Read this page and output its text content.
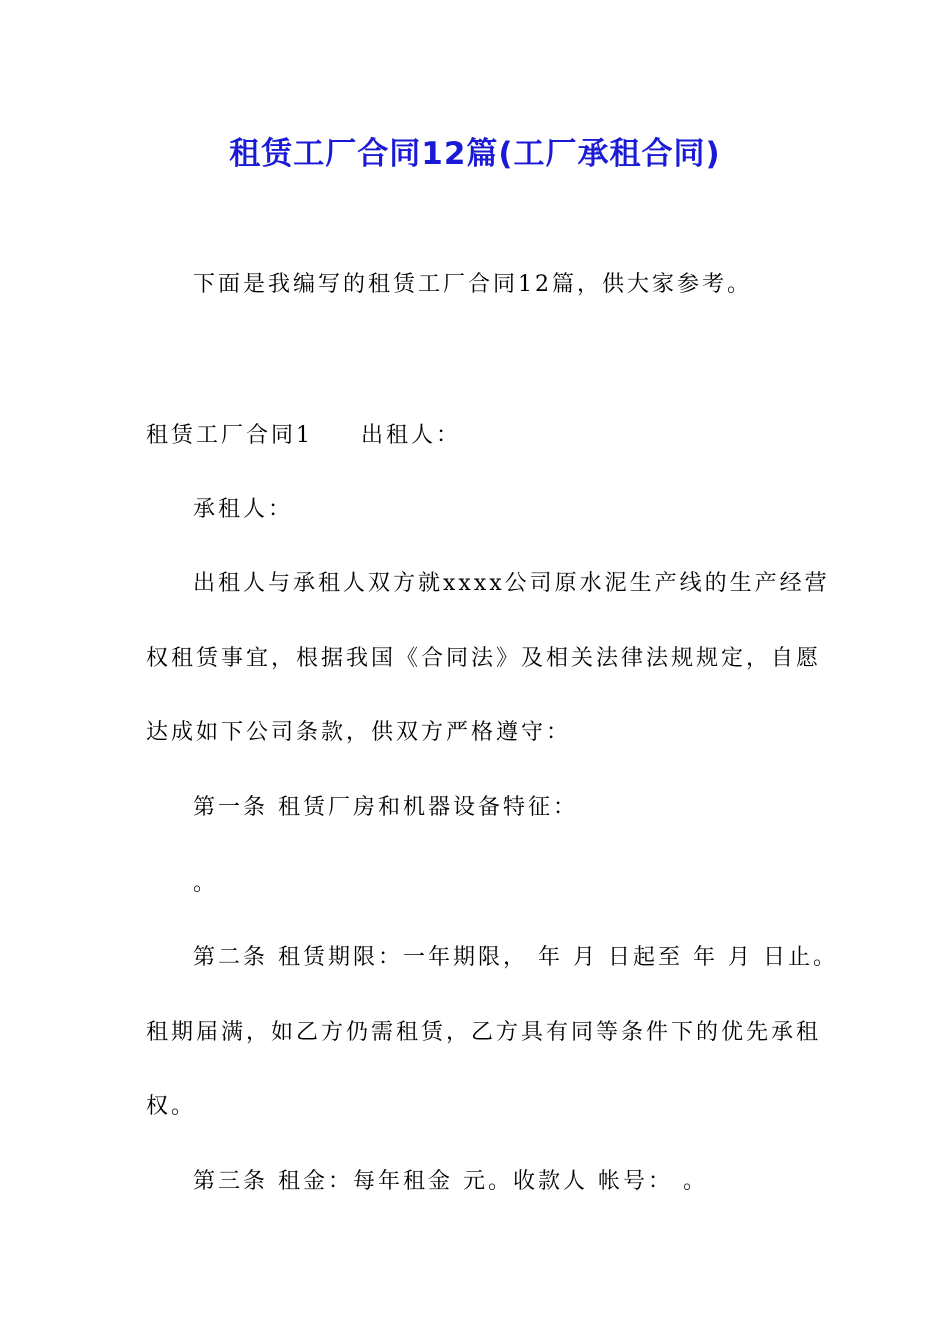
租赁工厂合同12篇(工厂承租合同)
下面是我编写的租赁工厂合同12篇，供大家参考。
租赁工厂合同1 出租人：
承租人：
出租人与承租人双方就xxxx公司原水泥生产线的生产经营
权租赁事宜，根据我国《合同法》及相关法律法规规定，自愿
达成如下公司条款，供双方严格遵守：
第一条 租赁厂房和机器设备特征：
。
第二条 租赁期限：一年期限， 年 月 日起至 年 月 日止。
租期届满，如乙方仍需租赁，乙方具有同等条件下的优先承租
权。
第三条 租金：每年租金 元。收款人 帐号： 。
